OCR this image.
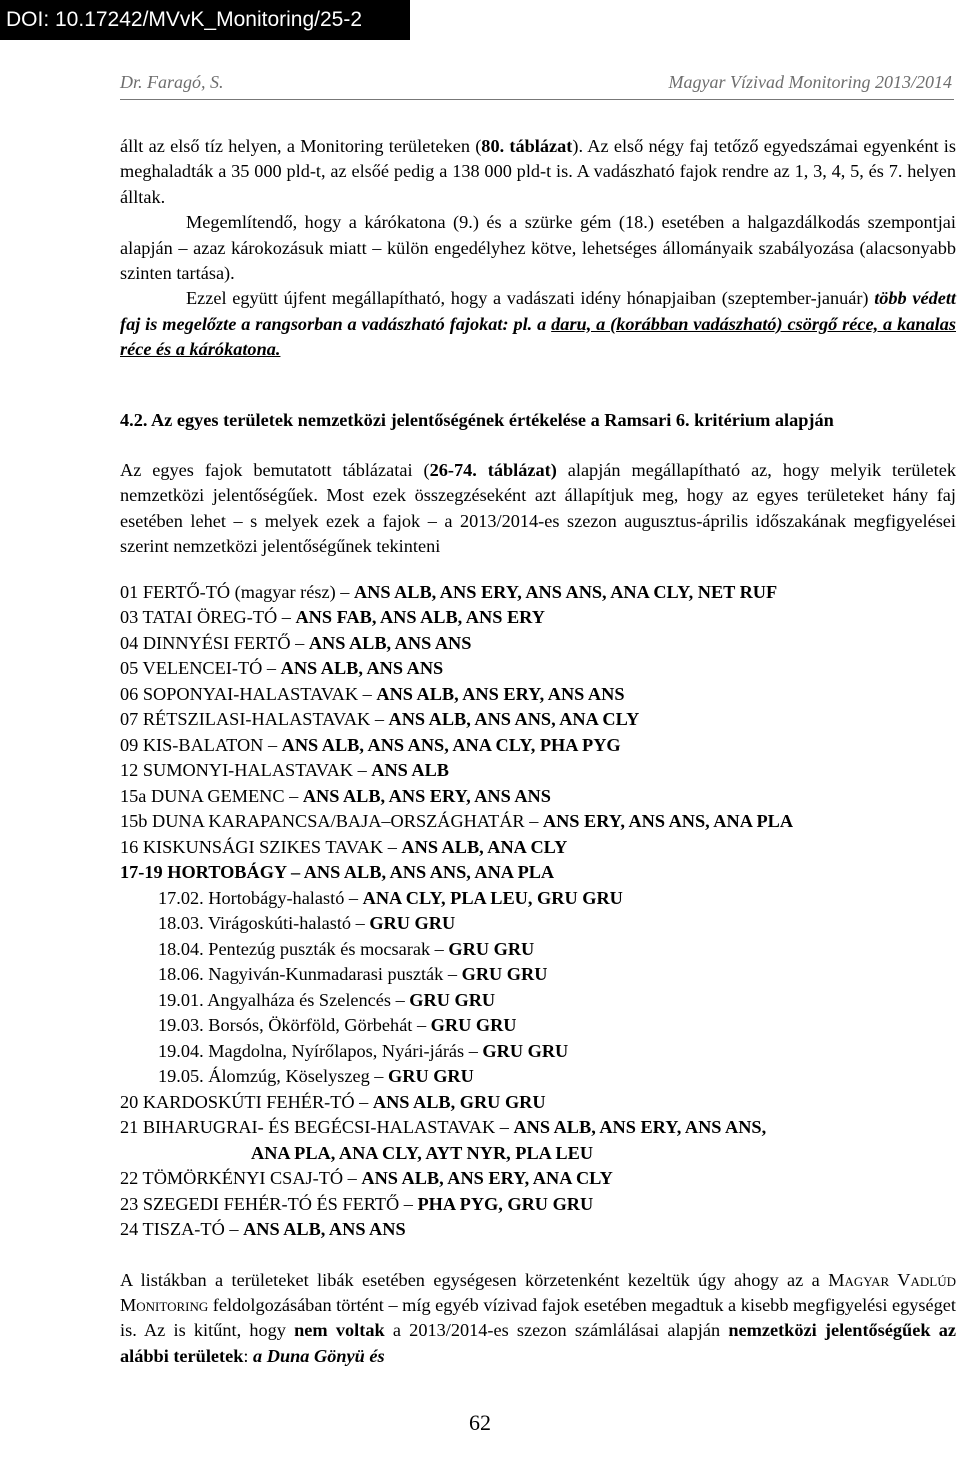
DOI: 10.17242/MVvK_Monitoring/25-2
Dr. Faragó, S.	Magyar Vízivad Monitoring 2013/2014

állt az első tíz helyen, a Monitoring területeken (80. táblázat). Az első négy faj tetőző egyedszámai egyenként is meghaladták a 35 000 pld-t, az elsőé pedig a 138 000 pld-t is. A vadászható fajok rendre az 1, 3, 4, 5, és 7. helyen álltak.

Megemlítendő, hogy a kárókatona (9.) és a szürke gém (18.) esetében a halgazdálkodás szempontjai alapján – azaz károkozásuk miatt – külön engedélyhez kötve, lehetséges állományaik szabályozása (alacsonyabb szinten tartása).

Ezzel együtt újfent megállapítható, hogy a vadászati idény hónapjaiban (szeptember-január) több védett faj is megelőzte a rangsorban a vadászható fajokat: pl. a daru, a (korábban vadászható) csörgő réce, a kanalas réce és a kárókatona.

4.2. Az egyes területek nemzetközi jelentőségének értékelése a Ramsari 6. kritérium alapján

Az egyes fajok bemutatott táblázatai (26-74. táblázat) alapján megállapítható az, hogy melyik területek nemzetközi jelentőségűek. Most ezek összegzéseként azt állapítjuk meg, hogy az egyes területeket hány faj esetében lehet – s melyek ezek a fajok – a 2013/2014-es szezon augusztus-április időszakának megfigyelései szerint nemzetközi jelentőségűnek tekinteni

01 FERTŐ-TÓ (magyar rész) – ANS ALB, ANS ERY, ANS ANS, ANA CLY, NET RUF
03 TATAI ÖREG-TÓ – ANS FAB, ANS ALB, ANS ERY
04 DINNYÉSI FERTŐ – ANS ALB, ANS ANS
05 VELENCEI-TÓ – ANS ALB, ANS ANS
06 SOPONYAI-HALASTAVAK – ANS ALB, ANS ERY, ANS ANS
07 RÉTSZILASI-HALASTAVAK – ANS ALB, ANS ANS, ANA CLY
09 KIS-BALATON – ANS ALB, ANS ANS, ANA CLY, PHA PYG
12 SUMONYI-HALASTAVAK – ANS ALB
15a DUNA GEMENC – ANS ALB, ANS ERY, ANS ANS
15b DUNA KARAPANCSA/BAJA–ORSZÁGHATÁR – ANS ERY, ANS ANS, ANA PLA
16 KISKUNSÁGI SZIKES TAVAK – ANS ALB, ANA CLY
17-19 HORTOBÁGY – ANS ALB, ANS ANS, ANA PLA
17.02. Hortobágy-halastó – ANA CLY, PLA LEU, GRU GRU
18.03. Virágoskúti-halastó – GRU GRU
18.04. Pentezúg puszták és mocsarak – GRU GRU
18.06. Nagyiván-Kunmadarasi puszták – GRU GRU
19.01. Angyalháza és Szelencés – GRU GRU
19.03. Borsós, Ökörföld, Görbehát – GRU GRU
19.04. Magdolna, Nyírőlapos, Nyári-járás – GRU GRU
19.05. Álomzúg, Köselyszeg – GRU GRU
20 KARDOSKÚTI FEHÉR-TÓ – ANS ALB, GRU GRU
21 BIHARUGRAI- ÉS BEGÉCSI-HALASTAVAK – ANS ALB, ANS ERY, ANS ANS,
ANA PLA, ANA CLY, AYT NYR, PLA LEU
22 TÖMÖRKÉNYI CSAJ-TÓ – ANS ALB, ANS ERY, ANA CLY
23 SZEGEDI FEHÉR-TÓ ÉS FERTŐ – PHA PYG, GRU GRU
24 TISZA-TÓ – ANS ALB, ANS ANS

A listákban a területeket libák esetében egységesen körzetenként kezeltük úgy ahogy az a Magyar Vadlúd Monitoring feldolgozásában történt – míg egyéb vízivad fajok esetében megadtuk a kisebb megfigyelési egységet is. Az is kitűnt, hogy nem voltak a 2013/2014-es szezon számlálásai alapján nemzetközi jelentőségűek az alábbi területek: a Duna Gönyü és

62
